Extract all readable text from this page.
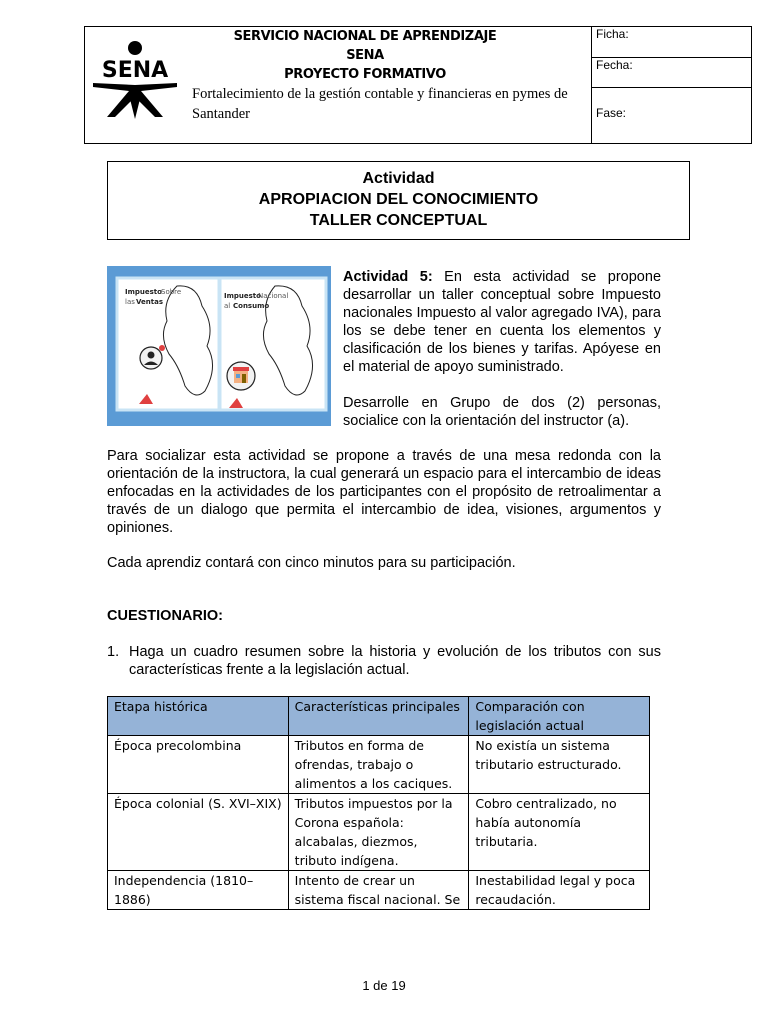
SENA
SERVICIO NACIONAL DE APRENDIZAJE
SENA
PROYECTO FORMATIVO
Fortalecimiento de la gestión contable y financieras en pymes de Santander
Ficha:
Fecha:
Fase:
Actividad
APROPIACION DEL CONOCIMIENTO
TALLER CONCEPTUAL
Impuesto Sobre
las Ventas
Impuesto
Nacional
al Consumo

Actividad 5: En esta actividad se propone desarrollar un taller conceptual sobre Impuesto nacionales Impuesto al valor agregado IVA), para los se debe tener en cuenta los elementos y clasificación de los bienes y tarifas. Apóyese en el material de apoyo suministrado.

Desarrolle en Grupo de dos (2) personas, socialice con la orientación del instructor (a).

Para socializar esta actividad se propone a través de una mesa redonda con la orientación de la instructora, la cual generará un espacio para el intercambio de ideas enfocadas en la actividades de los participantes con el propósito de retroalimentar a través de un dialogo que permita el intercambio de idea, visiones, argumentos y opiniones.
Cada aprendiz contará con cinco minutos para su participación.
CUESTIONARIO:
1. Haga un cuadro resumen sobre la historia y evolución de los tributos con sus características frente a la legislación actual.
Etapa histórica	Características principales	Comparación con legislación actual
Época precolombina	Tributos en forma de ofrendas, trabajo o alimentos a los caciques.	No existía un sistema tributario estructurado.
Época colonial (S. XVI–XIX)	Tributos impuestos por la Corona española: alcabalas, diezmos, tributo indígena.	Cobro centralizado, no había autonomía tributaria.
Independencia (1810–1886)	Intento de crear un sistema fiscal nacional. Se	Inestabilidad legal y poca recaudación.
1 de 19
